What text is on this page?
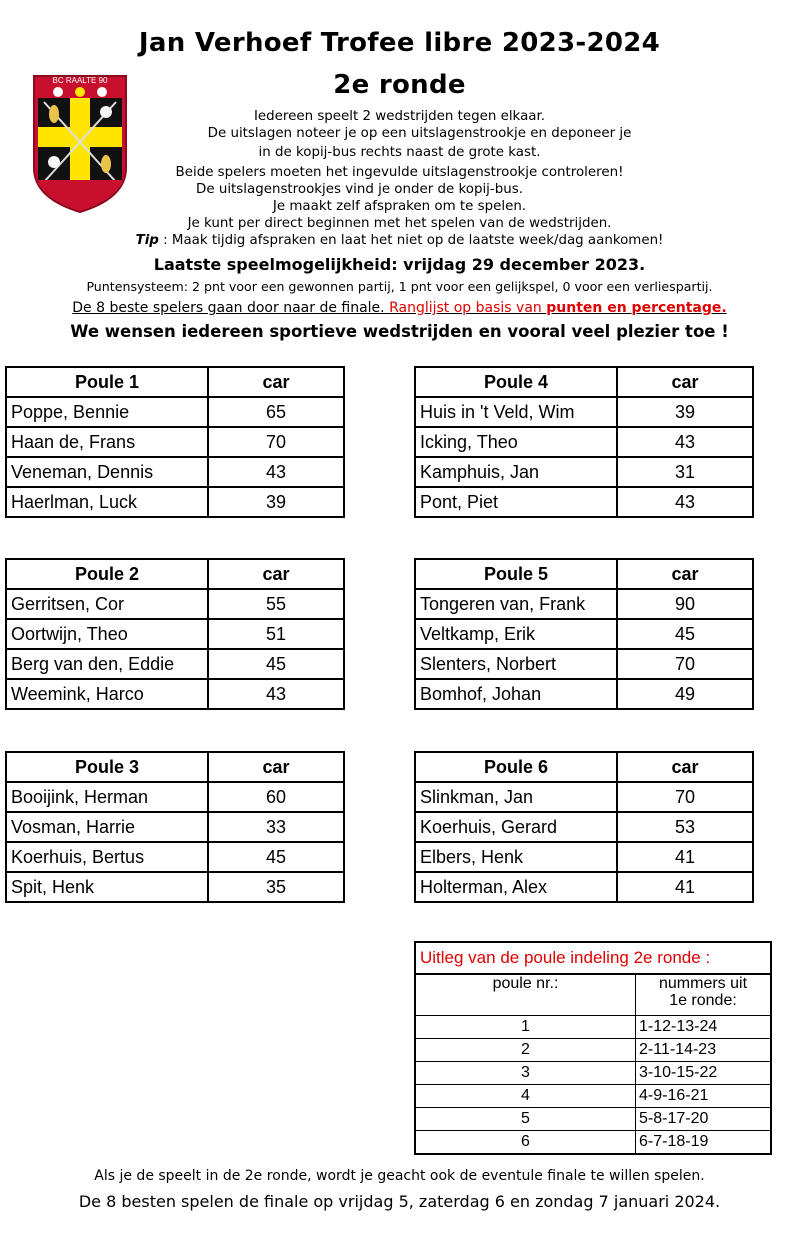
Jan Verhoef Trofee libre 2023-2024
2e ronde
BC RAALTE 90
Iedereen speelt 2 wedstrijden tegen elkaar.
De uitslagen noteer je op een uitslagenstrookje en deponeer je
in de kopij-bus rechts naast de grote kast.
Beide spelers moeten het ingevulde uitslagenstrookje controleren!
De uitslagenstrookjes vind je onder de kopij-bus.
Je maakt zelf afspraken om te spelen.
Je kunt per direct beginnen met het spelen van de wedstrijden.
Tip : Maak tijdig afspraken en laat het niet op de laatste week/dag aankomen!
Laatste speelmogelijkheid: vrijdag 29 december 2023.
Puntensysteem: 2 pnt voor een gewonnen partij, 1 pnt voor een gelijkspel, 0 voor een verliespartij.
De 8 beste spelers gaan door naar de finale. Ranglijst op basis van punten en percentage.
We wensen iedereen sportieve wedstrijden en vooral veel plezier toe !
Poule 1	car
Poppe, Bennie	65
Haan de, Frans	70
Veneman, Dennis	43
Haerlman, Luck	39
Poule 2	car
Gerritsen, Cor	55
Oortwijn, Theo	51
Berg van den, Eddie	45
Weemink, Harco	43
Poule 3	car
Booijink, Herman	60
Vosman, Harrie	33
Koerhuis, Bertus	45
Spit, Henk	35
Poule 4	car
Huis in 't Veld, Wim	39
Icking, Theo	43
Kamphuis, Jan	31
Pont, Piet	43
Poule 5	car
Tongeren van, Frank	90
Veltkamp, Erik	45
Slenters, Norbert	70
Bomhof, Johan	49
Poule 6	car
Slinkman, Jan	70
Koerhuis, Gerard	53
Elbers, Henk	41
Holterman, Alex	41
Uitleg van de poule indeling 2e ronde :
poule nr.:	nummers uit
1e ronde:
1	1-12-13-24
2	2-11-14-23
3	3-10-15-22
4	4-9-16-21
5	5-8-17-20
6	6-7-18-19
Als je de speelt in de 2e ronde, wordt je geacht ook de eventule finale te willen spelen.
De 8 besten spelen de finale op vrijdag 5, zaterdag 6 en zondag 7 januari 2024.
